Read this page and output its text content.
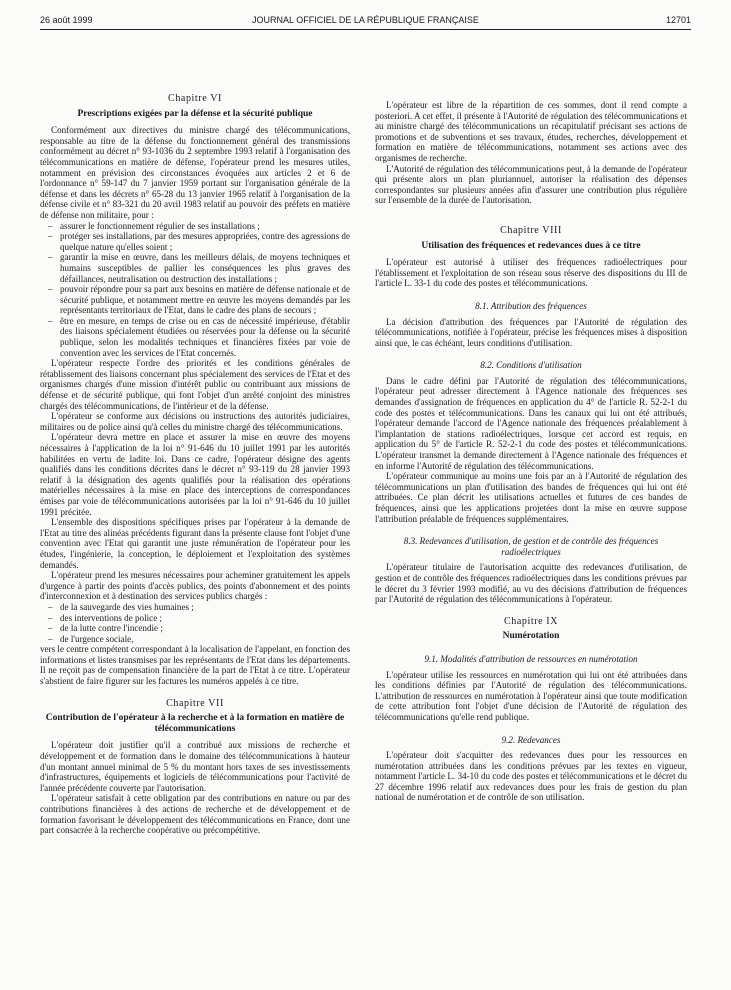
26 août 1999	JOURNAL OFFICIEL DE LA RÉPUBLIQUE FRANÇAISE	12701
Chapitre VI
Prescriptions exigées par la défense et la sécurité publique

Conformément aux directives du ministre chargé des télécommunications, responsable au titre de la défense du fonctionnement général des transmissions conformément au décret n° 93-1036 du 2 septembre 1993 relatif à l'organisation des télécommunications en matière de défense, l'opérateur prend les mesures utiles, notamment en prévision des circonstances évoquées aux articles 2 et 6 de l'ordonnance n° 59-147 du 7 janvier 1959 portant sur l'organisation générale de la défense et dans les décrets n° 65-28 du 13 janvier 1965 relatif à l'organisation de la défense civile et n° 83-321 du 20 avril 1983 relatif au pouvoir des préfets en matière de défense non militaire, pour :

– assurer le fonctionnement régulier de ses installations ;
– protéger ses installations, par des mesures appropriées, contre des agressions de quelque nature qu'elles soient ;
– garantir la mise en œuvre, dans les meilleurs délais, de moyens techniques et humains susceptibles de pallier les conséquences les plus graves des défaillances, neutralisation ou destruction des installations ;
– pouvoir répondre pour sa part aux besoins en matière de défense nationale et de sécurité publique, et notamment mettre en œuvre les moyens demandés par les représentants territoriaux de l'Etat, dans le cadre des plans de secours ;
– être en mesure, en temps de crise ou en cas de nécessité impérieuse, d'établir des liaisons spécialement étudiées ou réservées pour la défense ou la sécurité publique, selon les modalités techniques et financières fixées par voie de convention avec les services de l'Etat concernés.

L'opérateur respecte l'ordre des priorités et les conditions générales de rétablissement des liaisons concernant plus spécialement des services de l'Etat et des organismes chargés d'une mission d'intérêt public ou contribuant aux missions de défense et de sécurité publique, qui font l'objet d'un arrêté conjoint des ministres chargés des télécommunications, de l'intérieur et de la défense.

L'opérateur se conforme aux décisions ou instructions des autorités judiciaires, militaires ou de police ainsi qu'à celles du ministre chargé des télécommunications.

L'opérateur devra mettre en place et assurer la mise en œuvre des moyens nécessaires à l'application de la loi n° 91-646 du 10 juillet 1991 par les autorités habilitées en vertu de ladite loi. Dans ce cadre, l'opérateur désigne des agents qualifiés dans les conditions décrites dans le décret n° 93-119 du 28 janvier 1993 relatif à la désignation des agents qualifiés pour la réalisation des opérations matérielles nécessaires à la mise en place des interceptions de correspondances émises par voie de télécommunications autorisées par la loi n° 91-646 du 10 juillet 1991 précitée.

L'ensemble des dispositions spécifiques prises par l'opérateur à la demande de l'Etat au titre des alinéas précédents figurant dans la présente clause font l'objet d'une convention avec l'Etat qui garantit une juste rémunération de l'opérateur pour les études, l'ingénierie, la conception, le déploiement et l'exploitation des systèmes demandés.

L'opérateur prend les mesures nécessaires pour acheminer gratuitement les appels d'urgence à partir des points d'accès publics, des points d'abonnement et des points d'interconnexion et à destination des services publics chargés :

– de la sauvegarde des vies humaines ;
– des interventions de police ;
– de la lutte contre l'incendie ;
– de l'urgence sociale,

vers le centre compétent correspondant à la localisation de l'appelant, en fonction des informations et listes transmises par les représentants de l'Etat dans les départements. Il ne reçoit pas de compensation financière de la part de l'Etat à ce titre. L'opérateur s'abstient de faire figurer sur les factures les numéros appelés à ce titre.

Chapitre VII
Contribution de l'opérateur à la recherche et à la formation en matière de télécommunications

L'opérateur doit justifier qu'il a contribué aux missions de recherche et développement et de formation dans le domaine des télécommunications à hauteur d'un montant annuel minimal de 5 % du montant hors taxes de ses investissements d'infrastructures, équipements et logiciels de télécommunications pour l'activité de l'année précédente couverte par l'autorisation.

L'opérateur satisfait à cette obligation par des contributions en nature ou par des contributions financières à des actions de recherche et de développement et de formation favorisant le développement des télécommunications en France, dont une part consacrée à la recherche coopérative ou précompétitive.

L'opérateur est libre de la répartition de ces sommes, dont il rend compte a posteriori. A cet effet, il présente à l'Autorité de régulation des télécommunications et au ministre chargé des télécommunications un récapitulatif précisant ses actions de promotions et de subventions et ses travaux, études, recherches, développement et formation en matière de télécommunications, notamment ses actions avec des organismes de recherche.

L'Autorité de régulation des télécommunications peut, à la demande de l'opérateur qui présente alors un plan pluriannuel, autoriser la réalisation des dépenses correspondantes sur plusieurs années afin d'assurer une contribution plus régulière sur l'ensemble de la durée de l'autorisation.

Chapitre VIII
Utilisation des fréquences et redevances dues à ce titre

L'opérateur est autorisé à utiliser des fréquences radioélectriques pour l'établissement et l'exploitation de son réseau sous réserve des dispositions du III de l'article L. 33-1 du code des postes et télécommunications.

8.1. Attribution des fréquences

La décision d'attribution des fréquences par l'Autorité de régulation des télécommunications, notifiée à l'opérateur, précise les fréquences mises à disposition ainsi que, le cas échéant, leurs conditions d'utilisation.

8.2. Conditions d'utilisation

Dans le cadre défini par l'Autorité de régulation des télécommunications, l'opérateur peut adresser directement à l'Agence nationale des fréquences ses demandes d'assignation de fréquences en application du 4° de l'article R. 52-2-1 du code des postes et télécommunications. Dans les canaux qui lui ont été attribués, l'opérateur demande l'accord de l'Agence nationale des fréquences préalablement à l'implantation de stations radioélectriques, lorsque cet accord est requis, en application du 5° de l'article R. 52-2-1 du code des postes et télécommunications. L'opérateur transmet la demande directement à l'Agence nationale des fréquences et en informe l'Autorité de régulation des télécommunications.

L'opérateur communique au moins une fois par an à l'Autorité de régulation des télécommunications un plan d'utilisation des bandes de fréquences qui lui ont été attribuées. Ce plan décrit les utilisations actuelles et futures de ces bandes de fréquences, ainsi que les applications projetées dont la mise en œuvre suppose l'attribution préalable de fréquences supplémentaires.

8.3. Redevances d'utilisation, de gestion et de contrôle des fréquences radioélectriques

L'opérateur titulaire de l'autorisation acquitte des redevances d'utilisation, de gestion et de contrôle des fréquences radioélectriques dans les conditions prévues par le décret du 3 février 1993 modifié, au vu des décisions d'attribution de fréquences par l'Autorité de régulation des télécommunications à l'opérateur.

Chapitre IX
Numérotation
9.1. Modalités d'attribution de ressources en numérotation

L'opérateur utilise les ressources en numérotation qui lui ont été attribuées dans les conditions définies par l'Autorité de régulation des télécommunications. L'attribution de ressources en numérotation à l'opérateur ainsi que toute modification de cette attribution font l'objet d'une décision de l'Autorité de régulation des télécommunications qu'elle rend publique.

9.2. Redevances

L'opérateur doit s'acquitter des redevances dues pour les ressources en numérotation attribuées dans les conditions prévues par les textes en vigueur, notamment l'article L. 34-10 du code des postes et télécommunications et le décret du 27 décembre 1996 relatif aux redevances dues pour les frais de gestion du plan national de numérotation et de contrôle de son utilisation.
